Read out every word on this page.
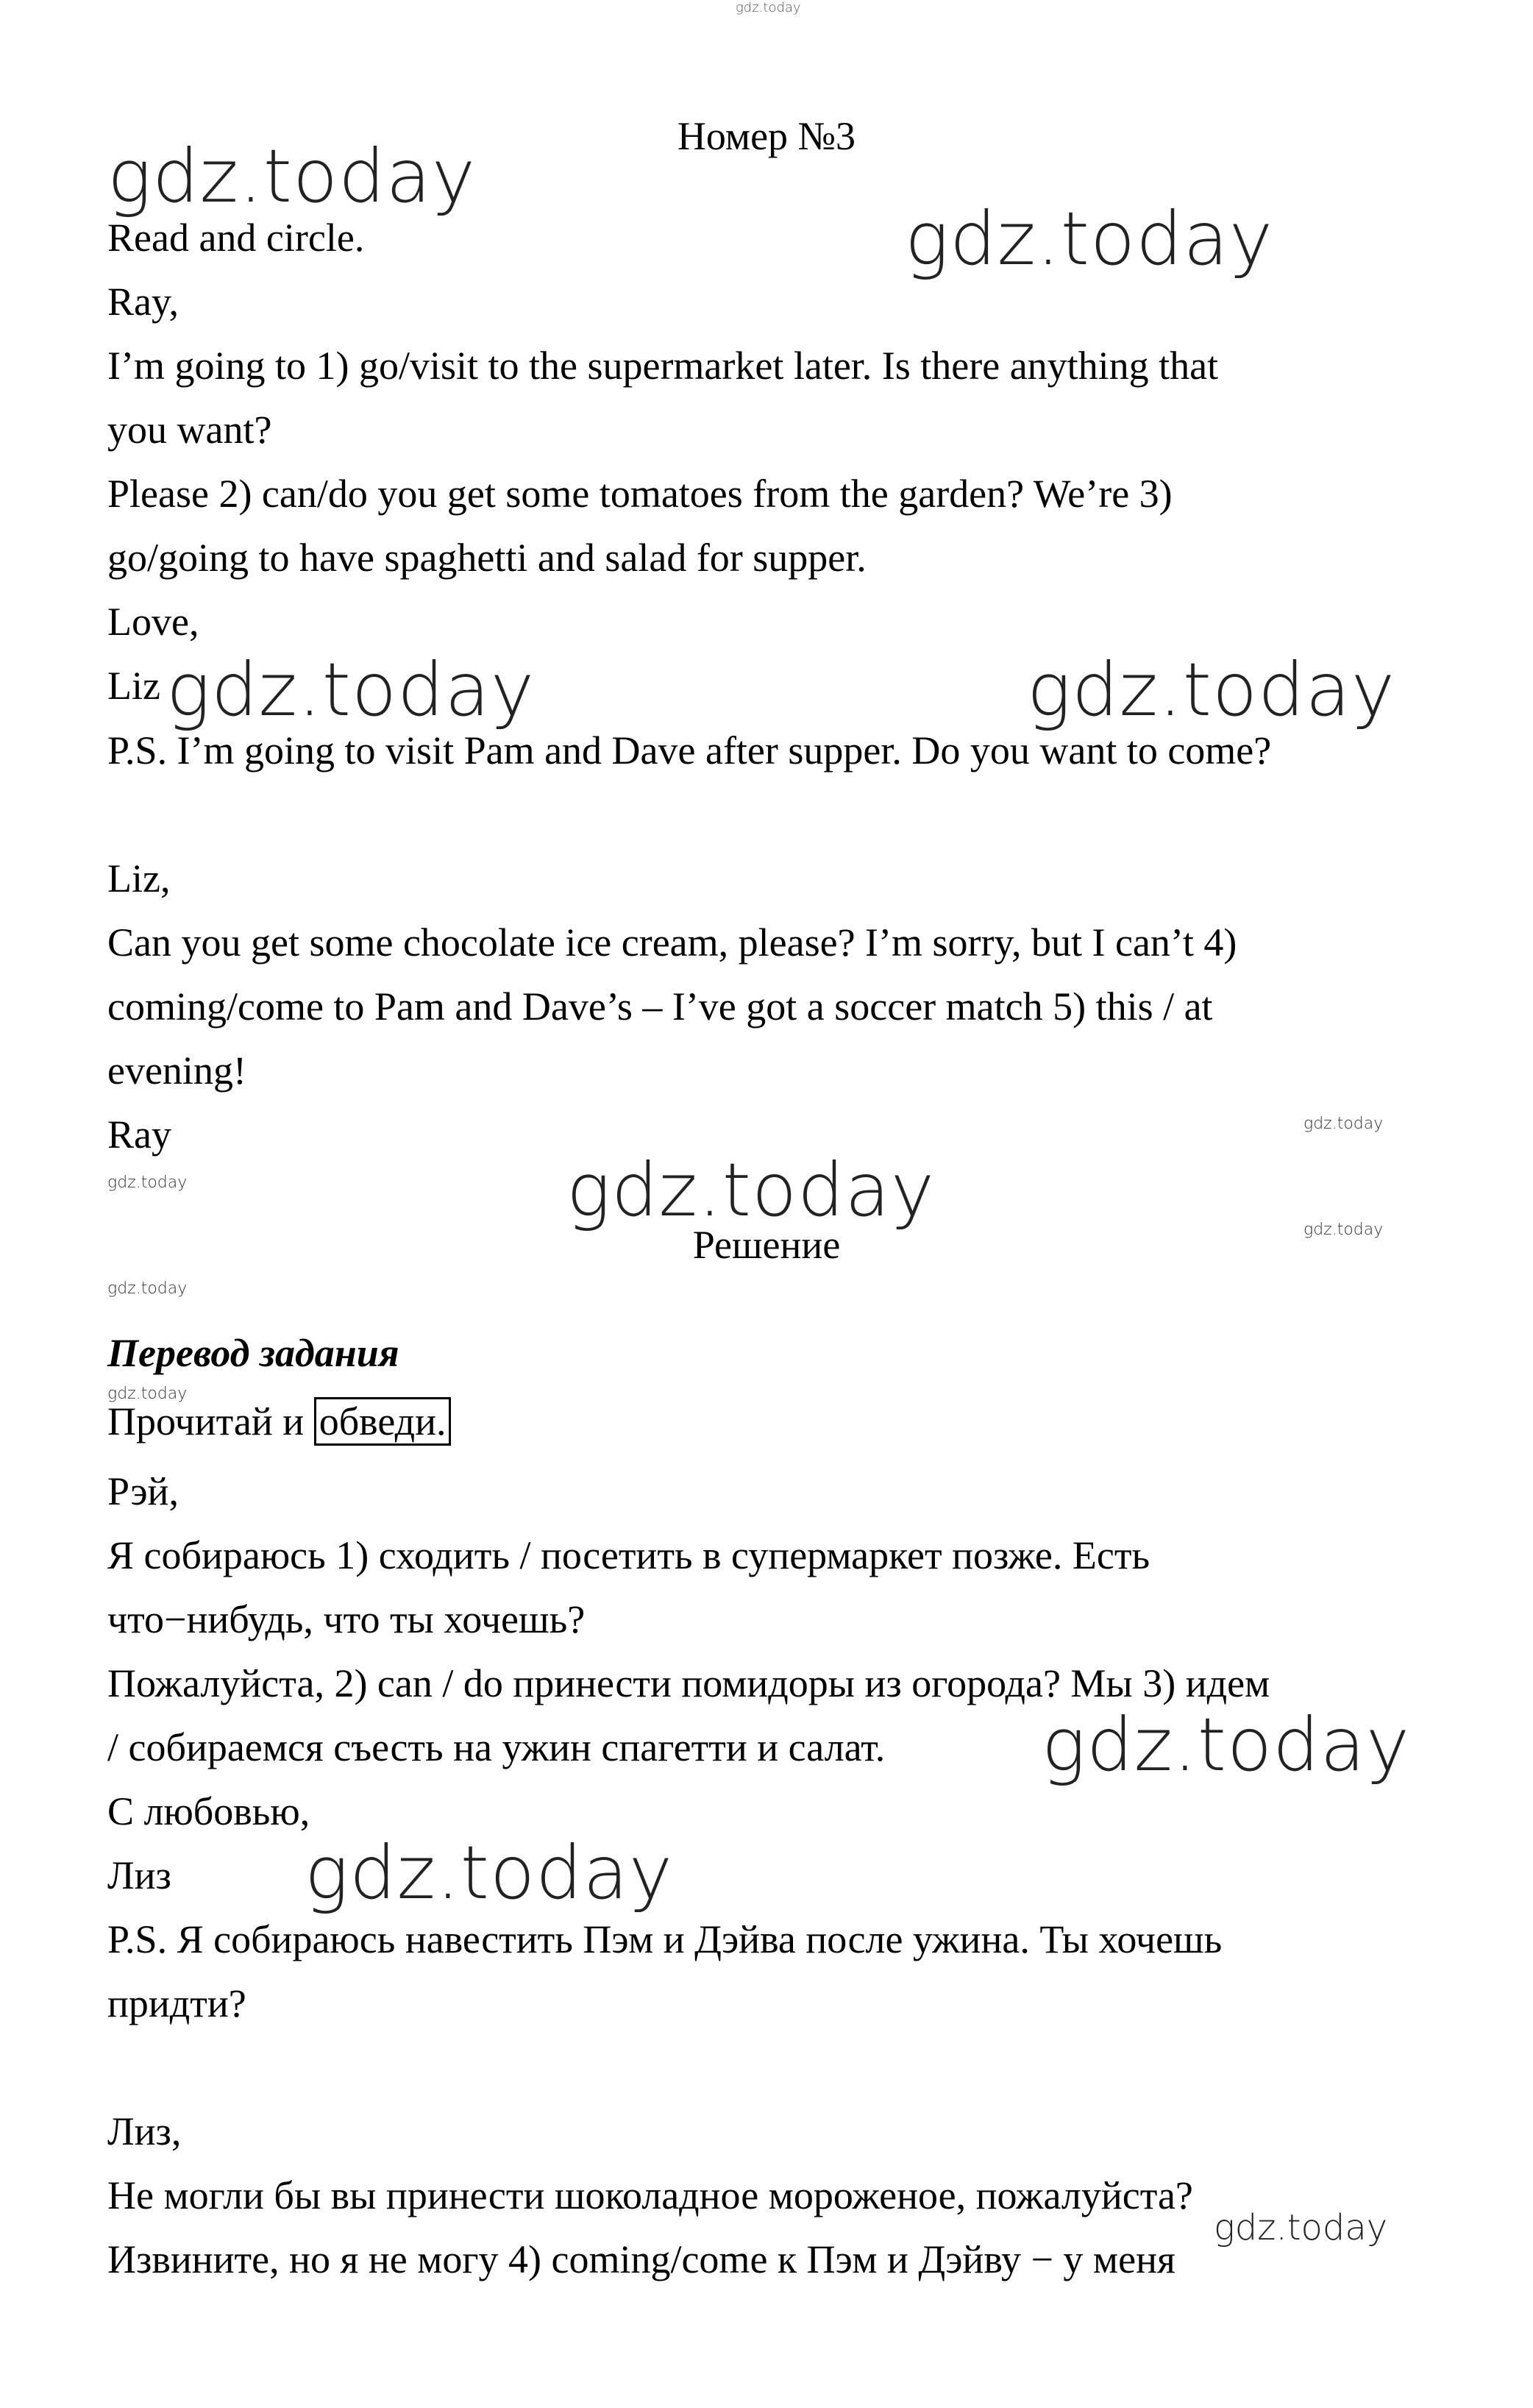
gdz.today
Номер №3
gdz.today
gdz.today
Read and circle.
Ray,
I’m going to 1) go/visit to the supermarket later. Is there anything that
you want?
Please 2) can/do you get some tomatoes from the garden? We’re 3)
go/going to have spaghetti and salad for supper.
Love,
Liz gdz.today	gdz.today
P.S. I’m going to visit Pam and Dave after supper. Do you want to come?
Liz,
Can you get some chocolate ice cream, please? I’m sorry, but I can’t 4)
coming/come to Pam and Dave’s – I’ve got a soccer match 5) this / at
evening!
Ray	gdz.today
gdz.today	gdz.today	gdz.today
gdz.today
Решение
Перевод задания
gdz.today
Прочитай и обведи.
Рэй,
Я собираюсь 1) сходить / посетить в супермаркет позже. Есть
что−нибудь, что ты хочешь?
Пожалуйста, 2) can / do принести помидоры из огорода? Мы 3) идем
/ собираемся съесть на ужин спагетти и салат. gdz.today
С любовью,
Лиз gdz.today
P.S. Я собираюсь навестить Пэм и Дэйва после ужина. Ты хочешь
придти?
Лиз,
Не могли бы вы принести шоколадное мороженое, пожалуйста?
gdz.today
Извините, но я не могу 4) coming/come к Пэм и Дэйву − у меня
